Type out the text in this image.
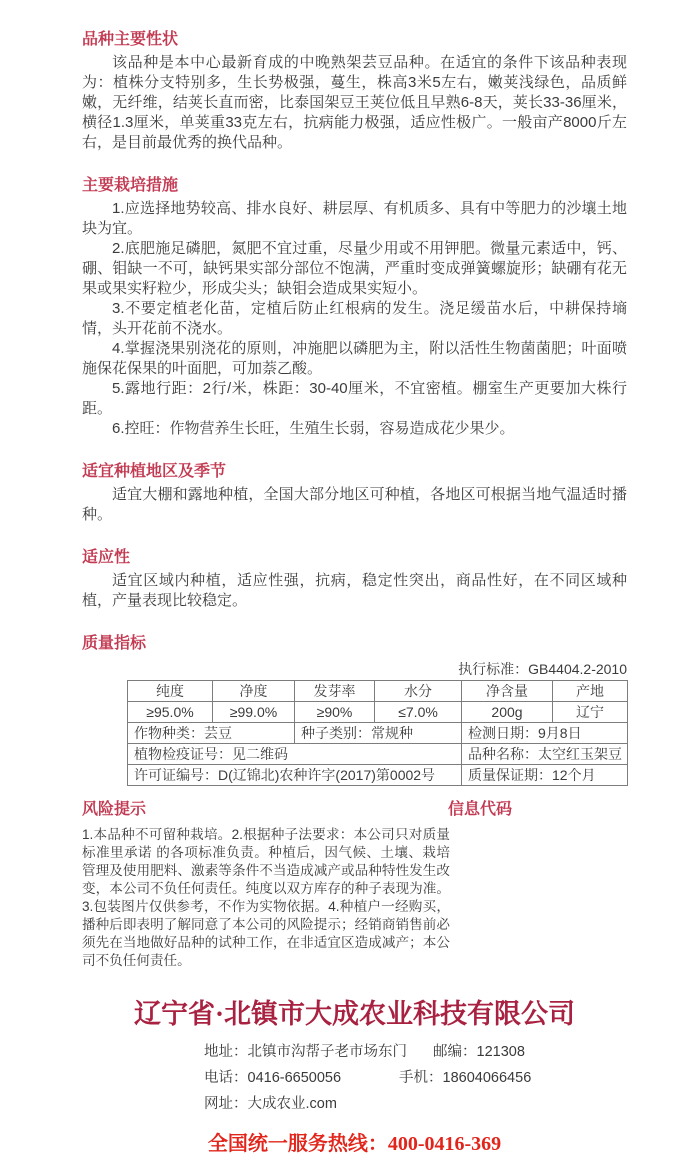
品种主要性状

该品种是本中心最新育成的中晚熟架芸豆品种。在适宜的条件下该品种表现为：植株分支特别多，生长势极强，蔓生，株高3米5左右，嫩荚浅绿色，品质鲜嫩，无纤维，结荚长直而密，比泰国架豆王荚位低且早熟6-8天，荚长33-36厘米，横径1.3厘米，单荚重33克左右，抗病能力极强，适应性极广。一般亩产8000斤左右，是目前最优秀的换代品种。

主要栽培措施

1.应选择地势较高、排水良好、耕层厚、有机质多、具有中等肥力的沙壤土地块为宜。

2.底肥施足磷肥，氮肥不宜过重，尽量少用或不用钾肥。微量元素适中，钙、硼、钼缺一不可，缺钙果实部分部位不饱满，严重时变成弹簧螺旋形；缺硼有花无果或果实籽粒少，形成尖头；缺钼会造成果实短小。

3.不要定植老化苗，定植后防止红根病的发生。浇足缓苗水后，中耕保持墒情，头开花前不浇水。

4.掌握浇果别浇花的原则，冲施肥以磷肥为主，附以活性生物菌菌肥；叶面喷施保花保果的叶面肥，可加萘乙酸。

5.露地行距：2行/米，株距：30-40厘米，不宜密植。棚室生产更要加大株行距。

6.控旺：作物营养生长旺，生殖生长弱，容易造成花少果少。

适宜种植地区及季节

适宜大棚和露地种植，全国大部分地区可种植，各地区可根据当地气温适时播种。

适应性

适宜区域内种植，适应性强，抗病，稳定性突出，商品性好，在不同区域种植，产量表现比较稳定。

质量指标
执行标准：GB4404.2-2010
纯度	净度	发芽率	水分	净含量	产地
≥95.0%	≥99.0%	≥90%	≤7.0%	200g	辽宁
作物种类：芸豆		种子类别：常规种		检测日期：9月8日	
植物检疫证号：见二维码				品种名称：太空红玉架豆	
许可证编号：D(辽锦北)农种许字(2017)第0002号				质量保证期：12个月	
风险提示

1.本品种不可留种栽培。2.根据种子法要求：本公司只对质量标准里承诺 的各项标准负责。种植后，因气候、土壤、栽培管理及使用肥料、激素等条件不当造成减产或品种特性发生改变，本公司不负任何责任。纯度以双方库存的种子表现为准。3.包装图片仅供参考，不作为实物依据。4.种植户一经购买，播种后即表明了解同意了本公司的风险提示；经销商销售前必须先在当地做好品种的试种工作，在非适宜区造成减产；本公司不负任何责任。

信息代码
辽宁省·北镇市大成农业科技有限公司
地址：北镇市沟帮子老市场东门 邮编：121308
电话：0416-6650056	手机：18604066456
网址：大成农业.com
全国统一服务热线：400-0416-369
